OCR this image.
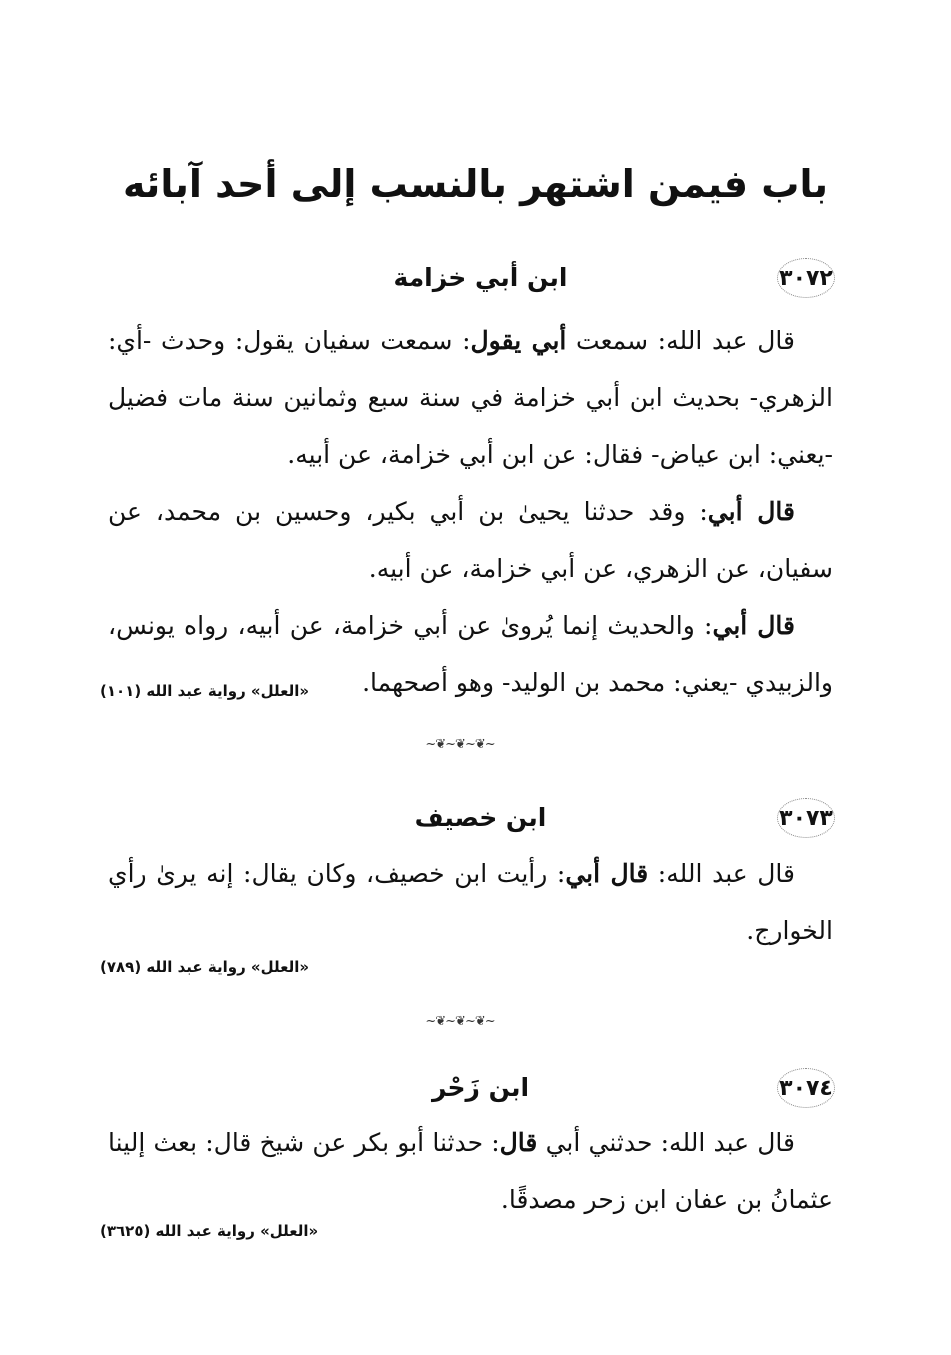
باب فيمن اشتهر بالنسب إلى أحد آبائه
٣٠٧٢
ابن أبي خزامة

قال عبد الله: سمعت أبي يقول: سمعت سفيان يقول: وحدث -أي: الزهري- بحديث ابن أبي خزامة في سنة سبع وثمانين سنة مات فضيل -يعني: ابن عياض- فقال: عن ابن أبي خزامة، عن أبيه.

قال أبي: وقد حدثنا يحيىٰ بن أبي بكير، وحسين بن محمد، عن سفيان، عن الزهري، عن أبي خزامة، عن أبيه.

قال أبي: والحديث إنما يُروىٰ عن أبي خزامة، عن أبيه، رواه يونس، والزبيدي -يعني: محمد بن الوليد- وهو أصحهما.

«العلل» رواية عبد الله (١٠١)
~❦~❦~❦~
٣٠٧٣
ابن خصيف

قال عبد الله: قال أبي: رأيت ابن خصيف، وكان يقال: إنه يرىٰ رأي الخوارج.

«العلل» رواية عبد الله (٧٨٩)
~❦~❦~❦~
٣٠٧٤
ابن زَحْر

قال عبد الله: حدثني أبي قال: حدثنا أبو بكر عن شيخ قال: بعث إلينا عثمانُ بن عفان ابن زحر مصدقًا.

«العلل» رواية عبد الله (٣٦٢٥)
